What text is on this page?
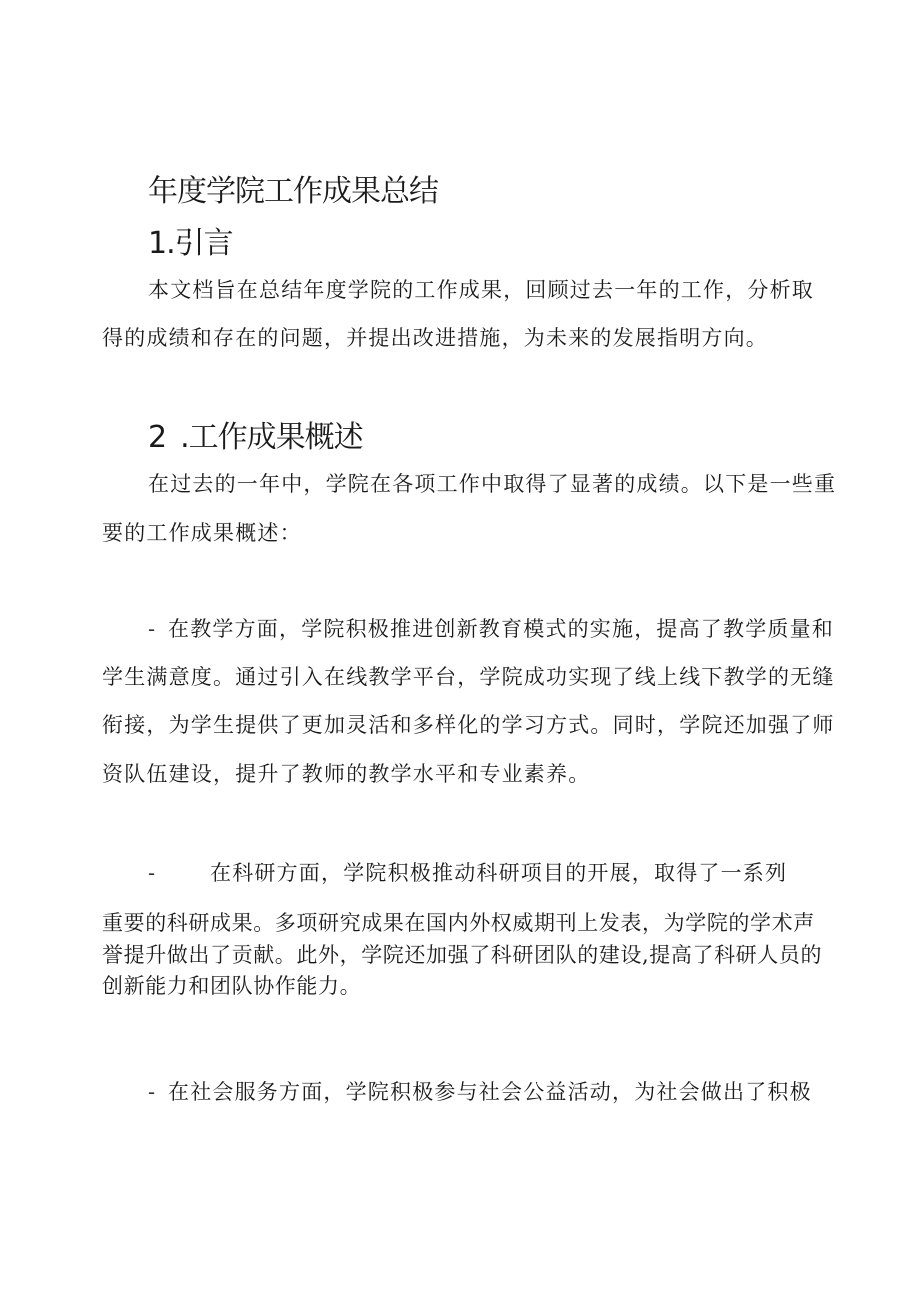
年度学院工作成果总结
1.引言
本文档旨在总结年度学院的工作成果，回顾过去一年的工作，分析取
得的成绩和存在的问题，并提出改进措施，为未来的发展指明方向。
2 .工作成果概述
在过去的一年中，学院在各项工作中取得了显著的成绩。以下是一些重
要的工作成果概述：
- 在教学方面，学院积极推进创新教育模式的实施，提高了教学质量和
学生满意度。通过引入在线教学平台，学院成功实现了线上线下教学的无缝
衔接，为学生提供了更加灵活和多样化的学习方式。同时，学院还加强了师
资队伍建设，提升了教师的教学水平和专业素养。
-	在科研方面，学院积极推动科研项目的开展，取得了一系列
重要的科研成果。多项研究成果在国内外权威期刊上发表，为学院的学术声
誉提升做出了贡献。此外，学院还加强了科研团队的建设,提高了科研人员的
创新能力和团队协作能力。
- 在社会服务方面，学院积极参与社会公益活动，为社会做出了积极
